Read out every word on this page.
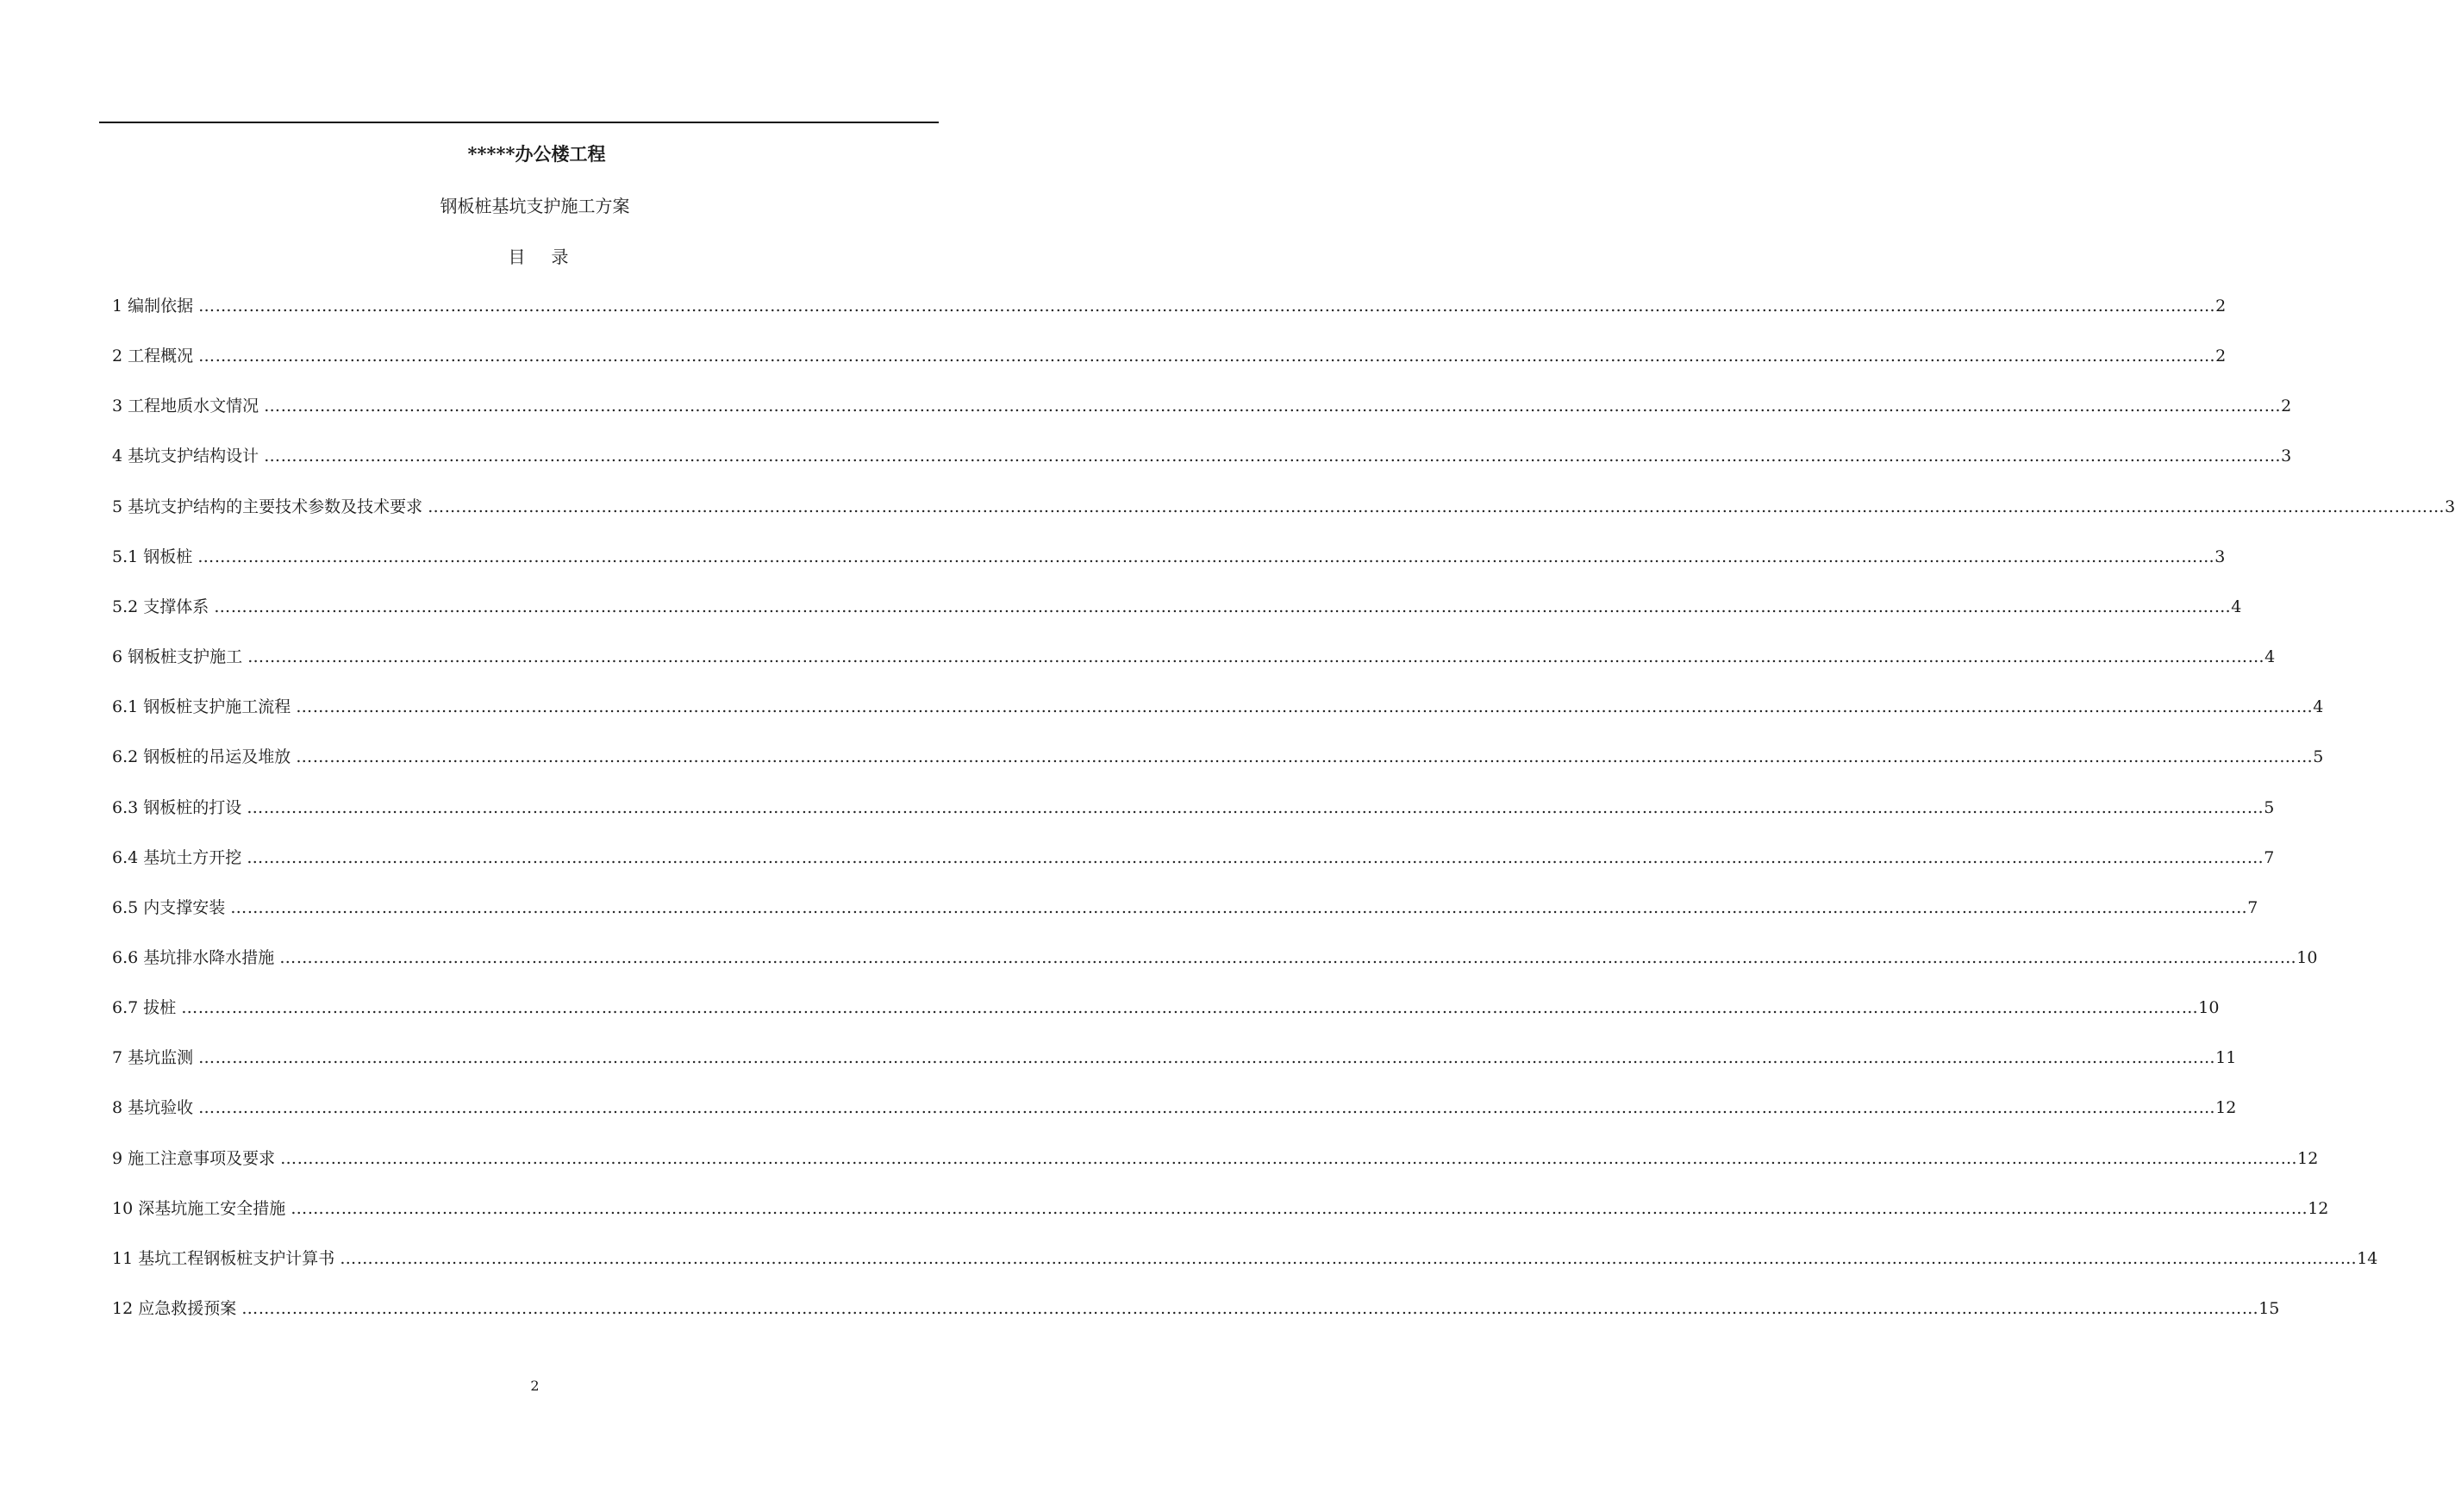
*****办公楼工程
钢板桩基坑支护施工方案
目 录
1 编制依据 ……………………………………………………………………………………………………………………………………………………………………………………………………………………………………………………………………………………………………………………………… 2
2 工程概况 ……………………………………………………………………………………………………………………………………………………………………………………………………………………………………………………………………………………………………………………………… 2
3 工程地质水文情况 ……………………………………………………………………………………………………………………………………………………………………………………………………………………………………………………………………………………………………………………………… 2
4 基坑支护结构设计 ……………………………………………………………………………………………………………………………………………………………………………………………………………………………………………………………………………………………………………………………… 3
5 基坑支护结构的主要技术参数及技术要求 ……………………………………………………………………………………………………………………………………………………………………………………………………………………………………………………………………………………………………………………………… 3
5.1 钢板桩 ……………………………………………………………………………………………………………………………………………………………………………………………………………………………………………………………………………………………………………………………… 3
5.2 支撑体系 ……………………………………………………………………………………………………………………………………………………………………………………………………………………………………………………………………………………………………………………………… 4
6 钢板桩支护施工 ……………………………………………………………………………………………………………………………………………………………………………………………………………………………………………………………………………………………………………………………… 4
6.1 钢板桩支护施工流程 ……………………………………………………………………………………………………………………………………………………………………………………………………………………………………………………………………………………………………………………………… 4
6.2 钢板桩的吊运及堆放 ……………………………………………………………………………………………………………………………………………………………………………………………………………………………………………………………………………………………………………………………… 5
6.3 钢板桩的打设 ……………………………………………………………………………………………………………………………………………………………………………………………………………………………………………………………………………………………………………………………… 5
6.4 基坑土方开挖 ……………………………………………………………………………………………………………………………………………………………………………………………………………………………………………………………………………………………………………………………… 7
6.5 内支撑安装 ……………………………………………………………………………………………………………………………………………………………………………………………………………………………………………………………………………………………………………………………… 7
6.6 基坑排水降水措施 ……………………………………………………………………………………………………………………………………………………………………………………………………………………………………………………………………………………………………………………………… 10
6.7 拔桩 ……………………………………………………………………………………………………………………………………………………………………………………………………………………………………………………………………………………………………………………………… 10
7 基坑监测 ……………………………………………………………………………………………………………………………………………………………………………………………………………………………………………………………………………………………………………………………… 11
8 基坑验收 ……………………………………………………………………………………………………………………………………………………………………………………………………………………………………………………………………………………………………………………………… 12
9 施工注意事项及要求 ……………………………………………………………………………………………………………………………………………………………………………………………………………………………………………………………………………………………………………………………… 12
10 深基坑施工安全措施 ……………………………………………………………………………………………………………………………………………………………………………………………………………………………………………………………………………………………………………………………… 12
11 基坑工程钢板桩支护计算书 ……………………………………………………………………………………………………………………………………………………………………………………………………………………………………………………………………………………………………………………………… 14
12 应急救援预案 ……………………………………………………………………………………………………………………………………………………………………………………………………………………………………………………………………………………………………………………………… 15
2
